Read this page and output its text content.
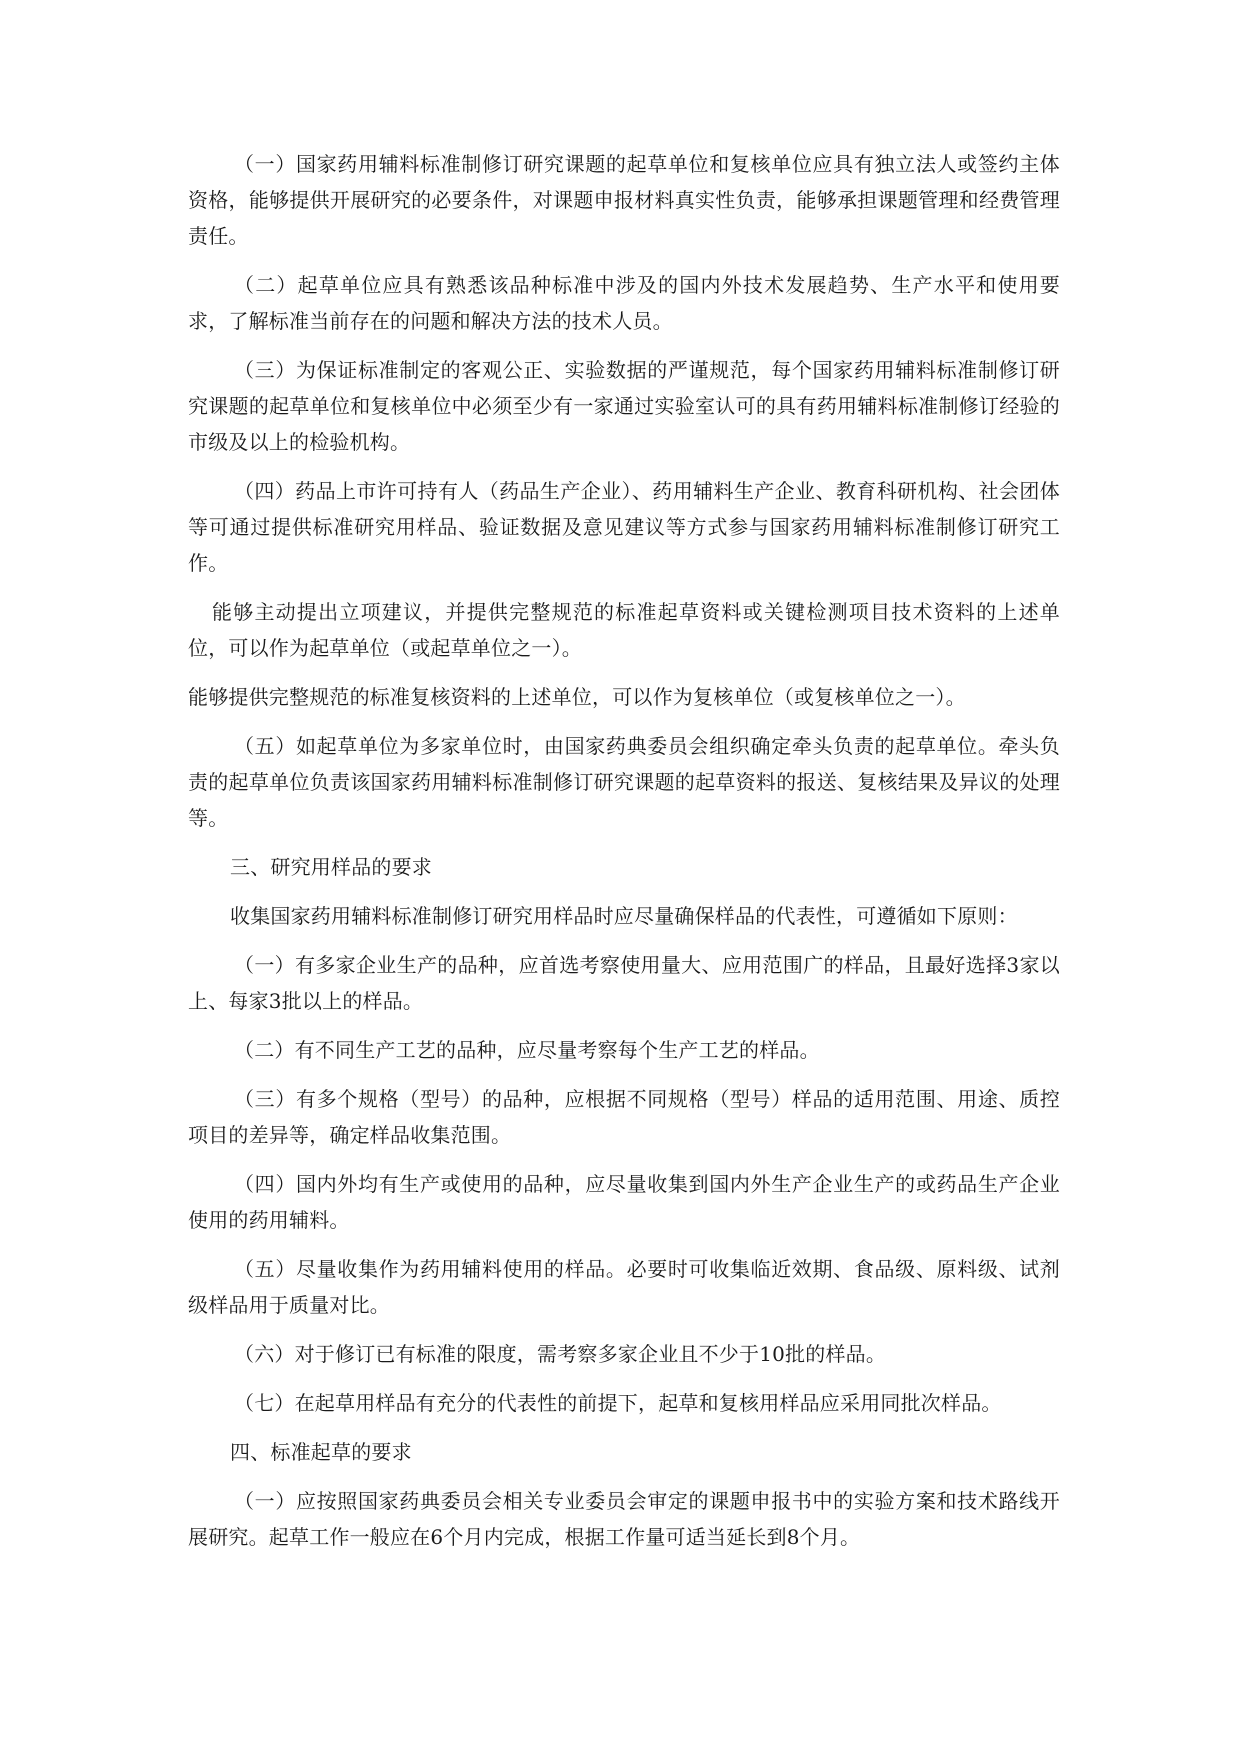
（一）国家药用辅料标准制修订研究课题的起草单位和复核单位应具有独立法人或签约主体资格，能够提供开展研究的必要条件，对课题申报材料真实性负责，能够承担课题管理和经费管理责任。

（二）起草单位应具有熟悉该品种标准中涉及的国内外技术发展趋势、生产水平和使用要求，了解标准当前存在的问题和解决方法的技术人员。

（三）为保证标准制定的客观公正、实验数据的严谨规范，每个国家药用辅料标准制修订研究课题的起草单位和复核单位中必须至少有一家通过实验室认可的具有药用辅料标准制修订经验的市级及以上的检验机构。

（四）药品上市许可持有人（药品生产企业）、药用辅料生产企业、教育科研机构、社会团体等可通过提供标准研究用样品、验证数据及意见建议等方式参与国家药用辅料标准制修订研究工作。

能够主动提出立项建议，并提供完整规范的标准起草资料或关键检测项目技术资料的上述单位，可以作为起草单位（或起草单位之一）。

能够提供完整规范的标准复核资料的上述单位，可以作为复核单位（或复核单位之一）。

（五）如起草单位为多家单位时，由国家药典委员会组织确定牵头负责的起草单位。牵头负责的起草单位负责该国家药用辅料标准制修订研究课题的起草资料的报送、复核结果及异议的处理等。

三、研究用样品的要求

收集国家药用辅料标准制修订研究用样品时应尽量确保样品的代表性，可遵循如下原则：

（一）有多家企业生产的品种，应首选考察使用量大、应用范围广的样品，且最好选择3家以上、每家3批以上的样品。

（二）有不同生产工艺的品种，应尽量考察每个生产工艺的样品。

（三）有多个规格（型号）的品种，应根据不同规格（型号）样品的适用范围、用途、质控项目的差异等，确定样品收集范围。

（四）国内外均有生产或使用的品种，应尽量收集到国内外生产企业生产的或药品生产企业使用的药用辅料。

（五）尽量收集作为药用辅料使用的样品。必要时可收集临近效期、食品级、原料级、试剂级样品用于质量对比。

（六）对于修订已有标准的限度，需考察多家企业且不少于10批的样品。

（七）在起草用样品有充分的代表性的前提下，起草和复核用样品应采用同批次样品。

四、标准起草的要求

（一）应按照国家药典委员会相关专业委员会审定的课题申报书中的实验方案和技术路线开展研究。起草工作一般应在6个月内完成，根据工作量可适当延长到8个月。
